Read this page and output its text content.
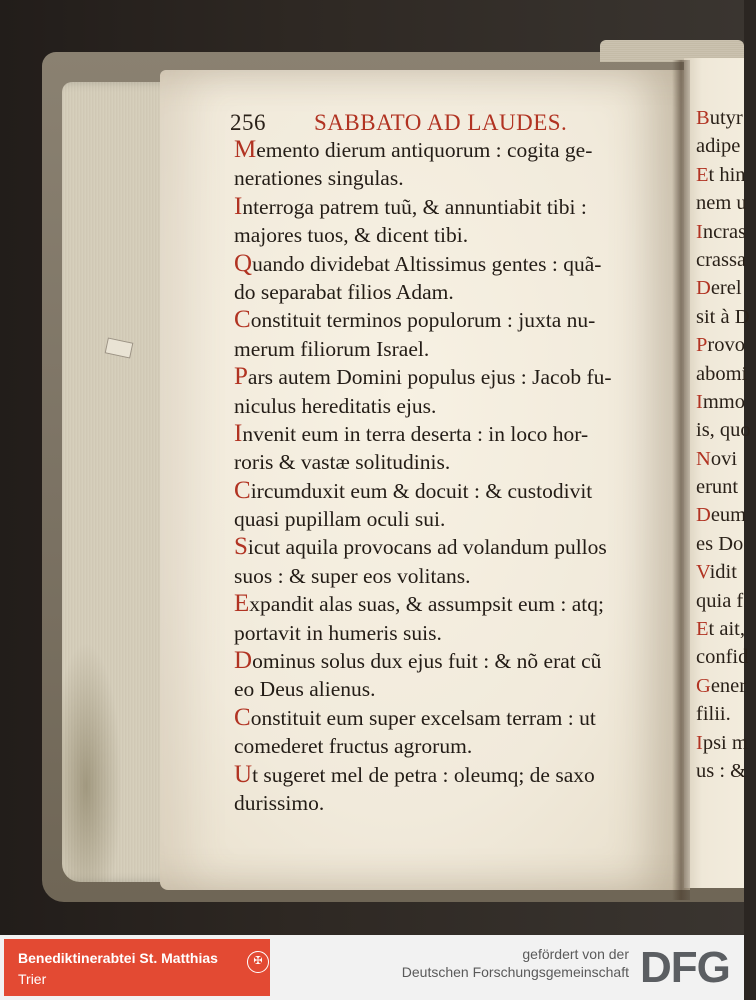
256 SABBATO AD LAUDES.
Memento dierum antiquorum : cogita ge-
nerationes singulas.
Interroga patrem tuũ, & annuntiabit tibi :
majores tuos, & dicent tibi.
Quando dividebat Altissimus gentes : quã-
do separabat filios Adam.
Constituit terminos populorum : juxta nu-
merum filiorum Israel.
Pars autem Domini populus ejus : Jacob fu-
niculus hereditatis ejus.
Invenit eum in terra deserta : in loco hor-
roris & vastæ solitudinis.
Circumduxit eum & docuit : & custodivit
quasi pupillam oculi sui.
Sicut aquila provocans ad volandum pullos
suos : & super eos volitans.
Expandit alas suas, & assumpsit eum : atq;
portavit in humeris suis.
Dominus solus dux ejus fuit : & nõ erat cũ
eo Deus alienus.
Constituit eum super excelsam terram : ut
comederet fructus agrorum.
Ut sugeret mel de petra : oleumq; de saxo
durissimo.
Butyr
adipe
Et hin
nem u
Incras
crassa
Derel
sit à D
Provo
abomi
Immo
is, quo
Novi
erunt
Deum
es Do
Vidit
quia f
Et ait,
confid
Gener
filii.
Ipsi m
us : &
Benediktinerabtei St. Matthias
Trier
✠	gefördert von der
Deutschen Forschungsgemeinschaft DFG
